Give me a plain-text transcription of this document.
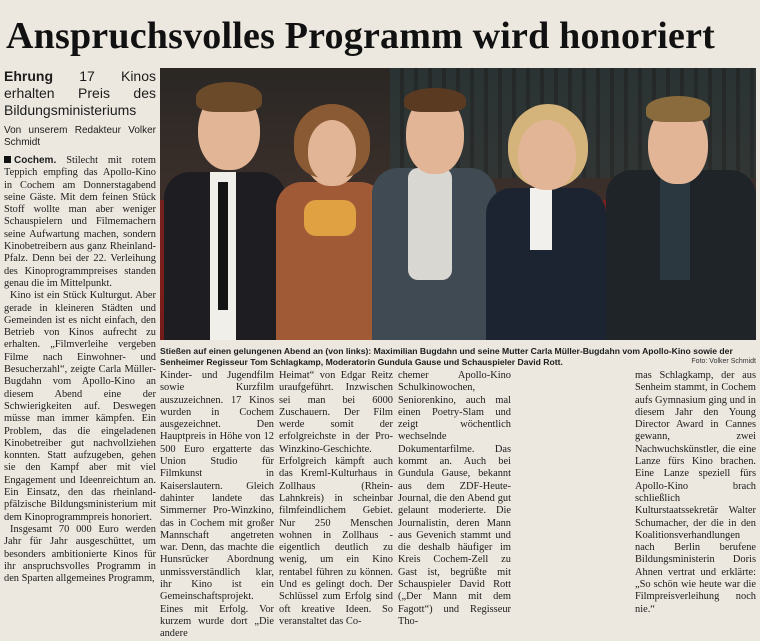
Anspruchsvolles Programm wird honoriert
Ehrung 17 Kinos erhalten Preis des Bildungsministeriums
Von unserem Redakteur Volker Schmidt

Cochem. Stilecht mit rotem Teppich empfing das Apollo-Kino in Cochem am Donnerstagabend seine Gäste. Mit dem feinen Stück Stoff wollte man aber weniger Schauspielern und Filmemachern seine Aufwartung machen, sondern Kinobetreibern aus ganz Rheinland-Pfalz. Denn bei der 22. Verleihung des Kinoprogrammpreises standen genau die im Mittelpunkt.

Kino ist ein Stück Kulturgut. Aber gerade in kleineren Städten und Gemeinden ist es nicht einfach, den Betrieb von Kinos aufrecht zu erhalten. „Filmverleihe vergeben Filme nach Einwohner- und Besucherzahl“, zeigte Carla Müller-Bugdahn vom Apollo-Kino an diesem Abend eine der Schwierigkeiten auf. Deswegen müsse man immer kämpfen. Ein Problem, das die eingeladenen Kinobetreiber gut nachvollziehen konnten. Statt aufzugeben, gehen sie den Kampf aber mit viel Engagement und Ideenreichtum an. Ein Einsatz, den das rheinland-pfälzische Bildungsministerium mit dem Kinoprogrammpreis honoriert.

Insgesamt 70 000 Euro werden Jahr für Jahr ausgeschüttet, um besonders ambitionierte Kinos für ihr anspruchsvolles Programm in den Sparten allgemeines Programm,

Stießen auf einen gelungenen Abend an (von links): Maximilian Bugdahn und seine Mutter Carla Müller-Bugdahn vom Apollo-Kino sowie der Senheimer Regisseur Tom Schlagkamp, Moderatorin Gundula Gause und Schauspieler David Rott.	Foto: Volker Schmidt
Kinder- und Jugendfilm sowie Kurzfilm auszuzeichnen. 17 Kinos wurden in Cochem ausgezeichnet. Den Hauptpreis in Höhe von 12 500 Euro ergatterte das Union Studio für Filmkunst in Kaiserslautern. Gleich dahinter landete das Simmerner Pro-Winzkino, das in Cochem mit großer Mannschaft angetreten war. Denn, das machte die Hunsrücker Abordnung unmissverständlich klar, ihr Kino ist ein Gemeinschaftsprojekt. Eines mit Erfolg. Vor kurzem wurde dort „Die andere
Heimat“ von Edgar Reitz uraufgeführt. Inzwischen sei man bei 6000 Zuschauern. Der Film werde somit der erfolgreichste in der Pro-Winzkino-Geschichte. Erfolgreich kämpft auch das Kreml-Kulturhaus in Zollhaus (Rhein-Lahnkreis) in scheinbar filmfeindlichem Gebiet. Nur 250 Menschen wohnen in Zollhaus - eigentlich deutlich zu wenig, um ein Kino rentabel führen zu können. Und es gelingt doch. Der Schlüssel zum Erfolg sind oft kreative Ideen. So veranstaltet das Co-
chemer Apollo-Kino Schulkinowochen, Seniorenkino, auch mal einen Poetry-Slam und zeigt wöchentlich wechselnde Dokumentarfilme. Das kommt an. Auch bei Gundula Gause, bekannt aus dem ZDF-Heute-Journal, die den Abend gut gelaunt moderierte. Die Journalistin, deren Mann aus Gevenich stammt und die deshalb häufiger im Kreis Cochem-Zell zu Gast ist, begrüßte mit Schauspieler David Rott („Der Mann mit dem Fagott“) und Regisseur Tho-
mas Schlagkamp, der aus Senheim stammt, in Cochem aufs Gymnasium ging und in diesem Jahr den Young Director Award in Cannes gewann, zwei Nachwuchskünstler, die eine Lanze fürs Kino brachen. Eine Lanze speziell fürs Apollo-Kino brach schließlich Kulturstaatssekretär Walter Schumacher, der die in den Koalitionsverhandlungen nach Berlin berufene Bildungsministerin Doris Ahnen vertrat und erklärte: „So schön wie heute war die Filmpreisverleihung noch nie.“
